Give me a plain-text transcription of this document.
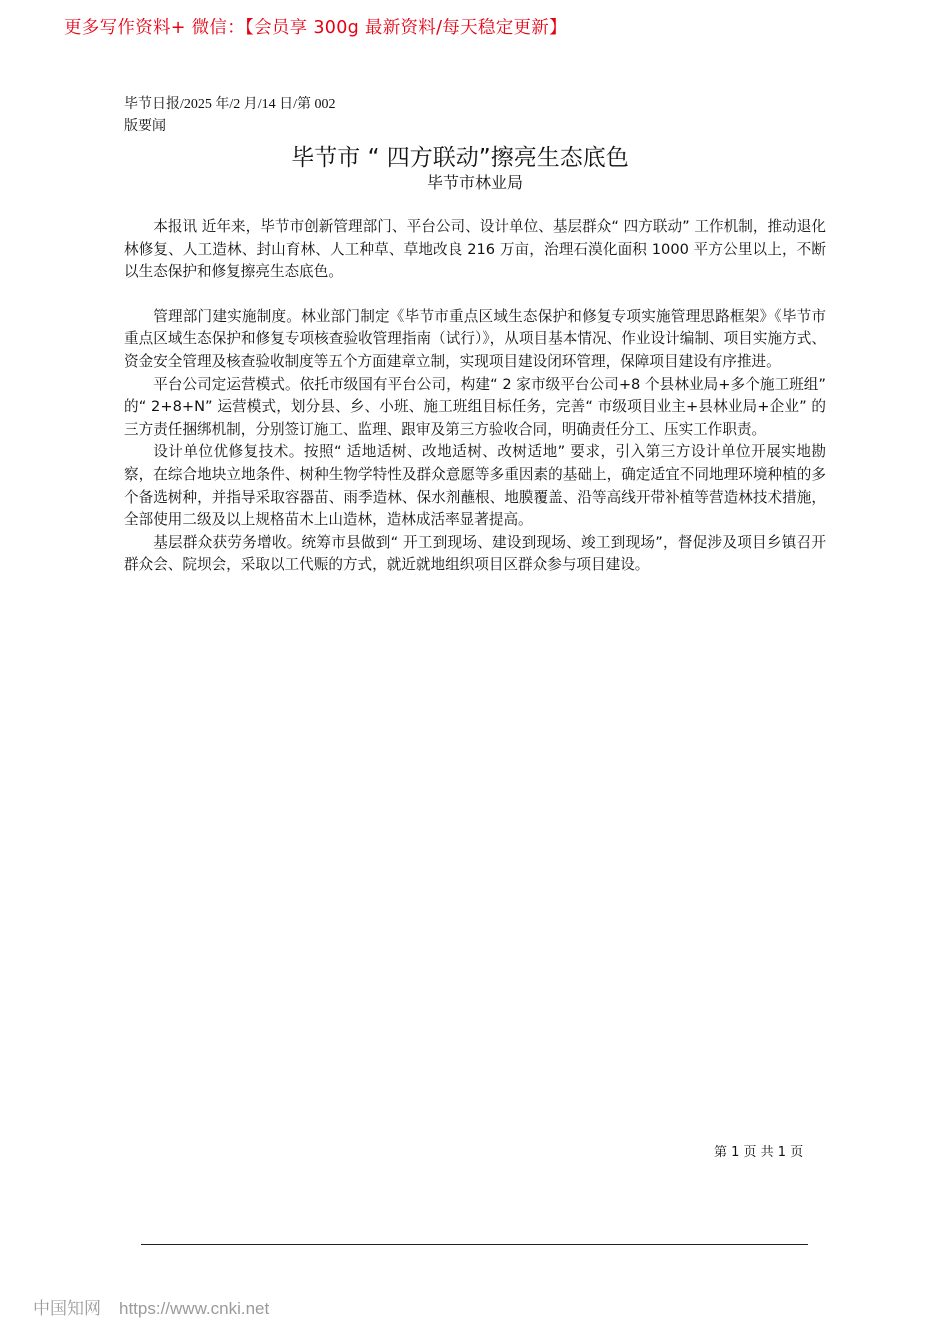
更多写作资料+ 微信：【会员享 300g 最新资料/每天稳定更新】
毕节日报/2025 年/2 月/14 日/第 002
版要闻
毕节市 “ 四方联动”擦亮生态底色
毕节市林业局

本报讯 近年来，毕节市创新管理部门、平台公司、设计单位、基层群众“ 四方联动” 工作机制，推动退化林修复、人工造林、封山育林、人工种草、草地改良 216 万亩，治理石漠化面积 1000 平方公里以上，不断以生态保护和修复擦亮生态底色。

管理部门建实施制度。林业部门制定《毕节市重点区域生态保护和修复专项实施管理思路框架》《毕节市重点区域生态保护和修复专项核查验收管理指南（试行）》，从项目基本情况、作业设计编制、项目实施方式、资金安全管理及核查验收制度等五个方面建章立制，实现项目建设闭环管理，保障项目建设有序推进。

平台公司定运营模式。依托市级国有平台公司，构建“ 2 家市级平台公司+8 个县林业局+多个施工班组” 的“ 2+8+N” 运营模式，划分县、乡、小班、施工班组目标任务，完善“ 市级项目业主+县林业局+企业” 的三方责任捆绑机制，分别签订施工、监理、跟审及第三方验收合同，明确责任分工、压实工作职责。

设计单位优修复技术。按照“ 适地适树、改地适树、改树适地” 要求，引入第三方设计单位开展实地勘察，在综合地块立地条件、树种生物学特性及群众意愿等多重因素的基础上，确定适宜不同地理环境种植的多个备选树种，并指导采取容器苗、雨季造林、保水剂蘸根、地膜覆盖、沿等高线开带补植等营造林技术措施，全部使用二级及以上规格苗木上山造林，造林成活率显著提高。

基层群众获劳务增收。统筹市县做到“ 开工到现场、建设到现场、竣工到现场”，督促涉及项目乡镇召开群众会、院坝会，采取以工代赈的方式，就近就地组织项目区群众参与项目建设。

第 1 页 共 1 页
中国知网 https://www.cnki.net
